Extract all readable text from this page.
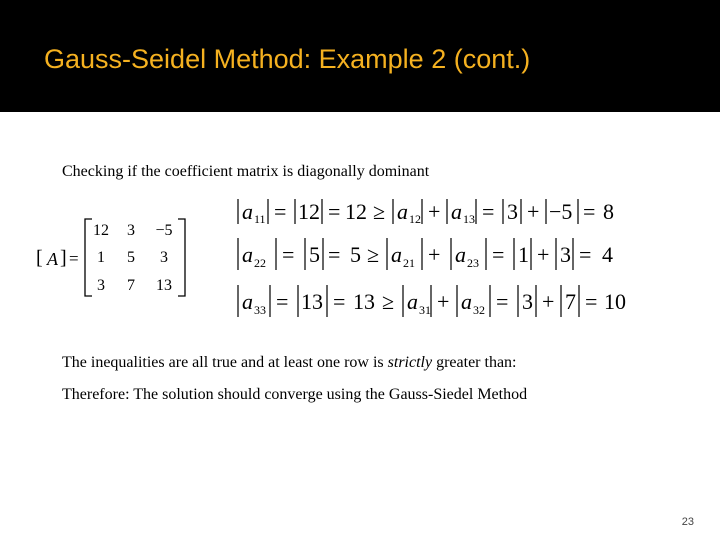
Gauss-Seidel Method: Example 2 (cont.)
Checking if the coefficient matrix is diagonally dominant
[ A ] =
12 3 −5
1 5 3
3 7 13
a 11 = 12 = 12 ≥ a 12 + a 13 = 3 + −5 = 8
a 22 = 5 = 5 ≥ a 21 + a 23 = 1 + 3 = 4
a 33 = 13 = 13 ≥ a 31 + a 32 = 3 + 7 = 10
The inequalities are all true and at least one row is strictly greater than:
Therefore: The solution should converge using the Gauss-Siedel Method
23
